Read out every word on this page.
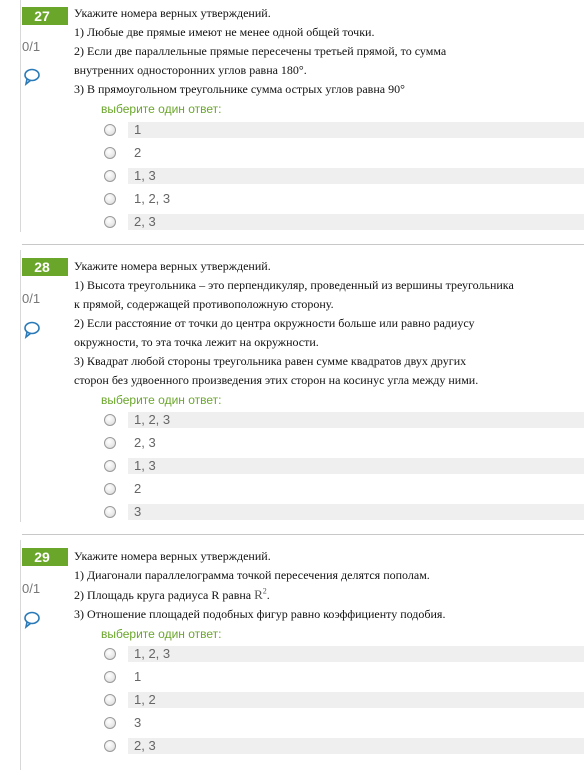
27
0/1
Укажите номера верных утверждений.
1) Любые две прямые имеют не менее одной общей точки.
2) Если две параллельные прямые пересечены третьей прямой, то сумма
внутренних односторонних углов равна 180°.
3) В прямоугольном треугольнике сумма острых углов равна 90°
выберите один ответ:
1
2
1, 3
1, 2, 3
2, 3
28
0/1
Укажите номера верных утверждений.
1) Высота треугольника – это перпендикуляр, проведенный из вершины треугольника
к прямой, содержащей противоположную сторону.
2) Если расстояние от точки до центра окружности больше или равно радиусу
окружности, то эта точка лежит на окружности.
3) Квадрат любой стороны треугольника равен сумме квадратов двух других
сторон без удвоенного произведения этих сторон на косинус угла между ними.
выберите один ответ:
1, 2, 3
2, 3
1, 3
2
3
29
0/1
Укажите номера верных утверждений.
1) Диагонали параллелограмма точкой пересечения делятся пополам.
2) Площадь круга радиуса R равна $R^2$.
3) Отношение площадей подобных фигур равно коэффициенту подобия.
выберите один ответ:
1, 2, 3
1
1, 2
3
2, 3
